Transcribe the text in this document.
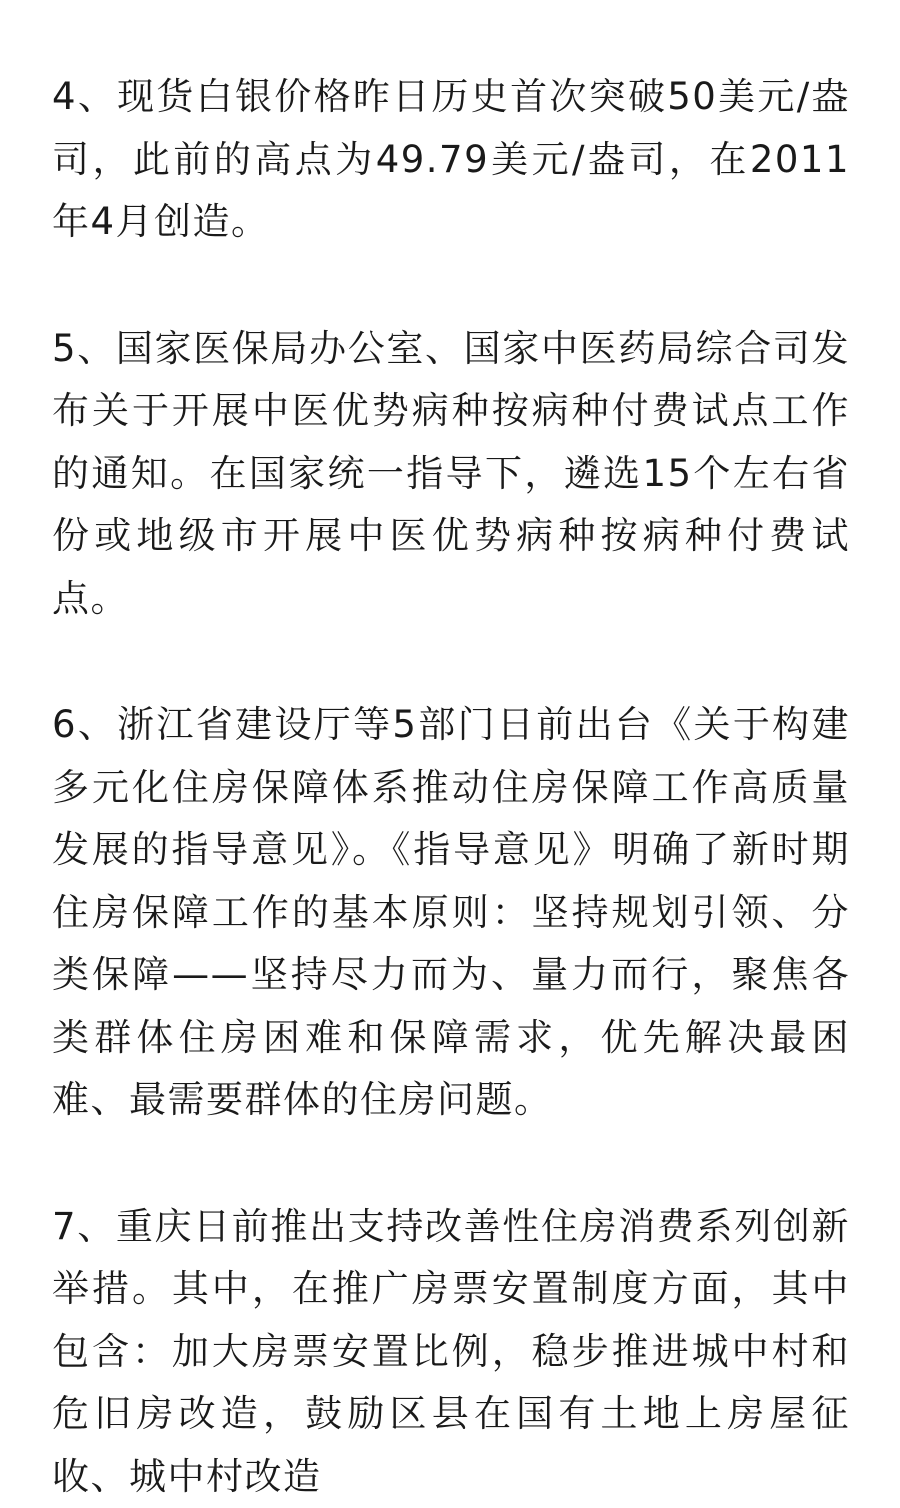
4、现货白银价格昨日历史首次突破50美元/盎司，此前的高点为49.79美元/盎司，在2011年4月创造。

5、国家医保局办公室、国家中医药局综合司发布关于开展中医优势病种按病种付费试点工作的通知。在国家统一指导下，遴选15个左右省份或地级市开展中医优势病种按病种付费试点。

6、浙江省建设厅等5部门日前出台《关于构建多元化住房保障体系推动住房保障工作高质量发展的指导意见》。《指导意见》明确了新时期住房保障工作的基本原则：坚持规划引领、分类保障——坚持尽力而为、量力而行，聚焦各类群体住房困难和保障需求，优先解决最困难、最需要群体的住房问题。

7、重庆日前推出支持改善性住房消费系列创新举措。其中，在推广房票安置制度方面，其中包含：加大房票安置比例，稳步推进城中村和危旧房改造，鼓励区县在国有土地上房屋征收、城中村改造
